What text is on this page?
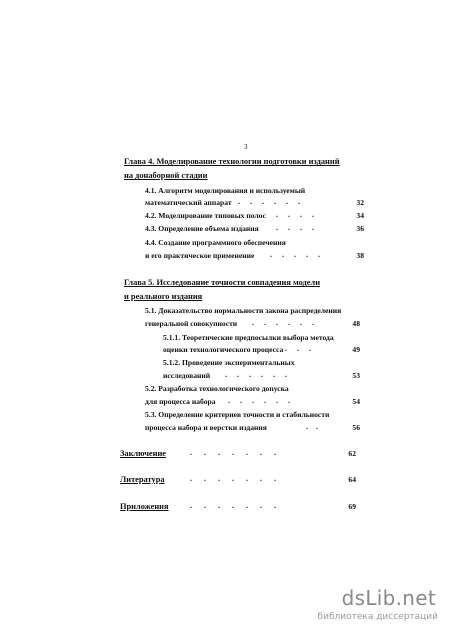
3
Глава 4. Моделирование технологии подготовки изданий
на донаборной стадии
4.1. Алгоритм моделирования и используемый
математический аппарат .     .     .     .     .     .	32
4.2. Моделирование типовых полос .     .     .     .	34
4.3. Определение объема издания .     .     .     .	36
4.4. Создание программного обеспечения
и его практическое применение .     .     .     .     .	38
Глава 5. Исследование точности совпадения модели
и реального издания
5.1. Доказательство нормальности закона распределения
генеральной совокупности .     .     .     .     .     .	48
5.1.1. Теоретические предпосылки выбора метода
оценки технологического процесса .     .     .	49
5.1.2. Проведение экспериментальных
исследований .     .     .     .     .     .	53
5.2. Разработка технологического допуска
для процесса набора .     .     .     .     .     .	54
5.3. Определение критериев точности и стабильности
процесса набора и верстки издания	.    .	56
Заключение	.      .      .      .      .      .      .	62
Литература	.      .      .      .      .      .      .	64
Приложения	.      .      .      .      .      .      .	69
dsLib.net
библиотека диссертаций
